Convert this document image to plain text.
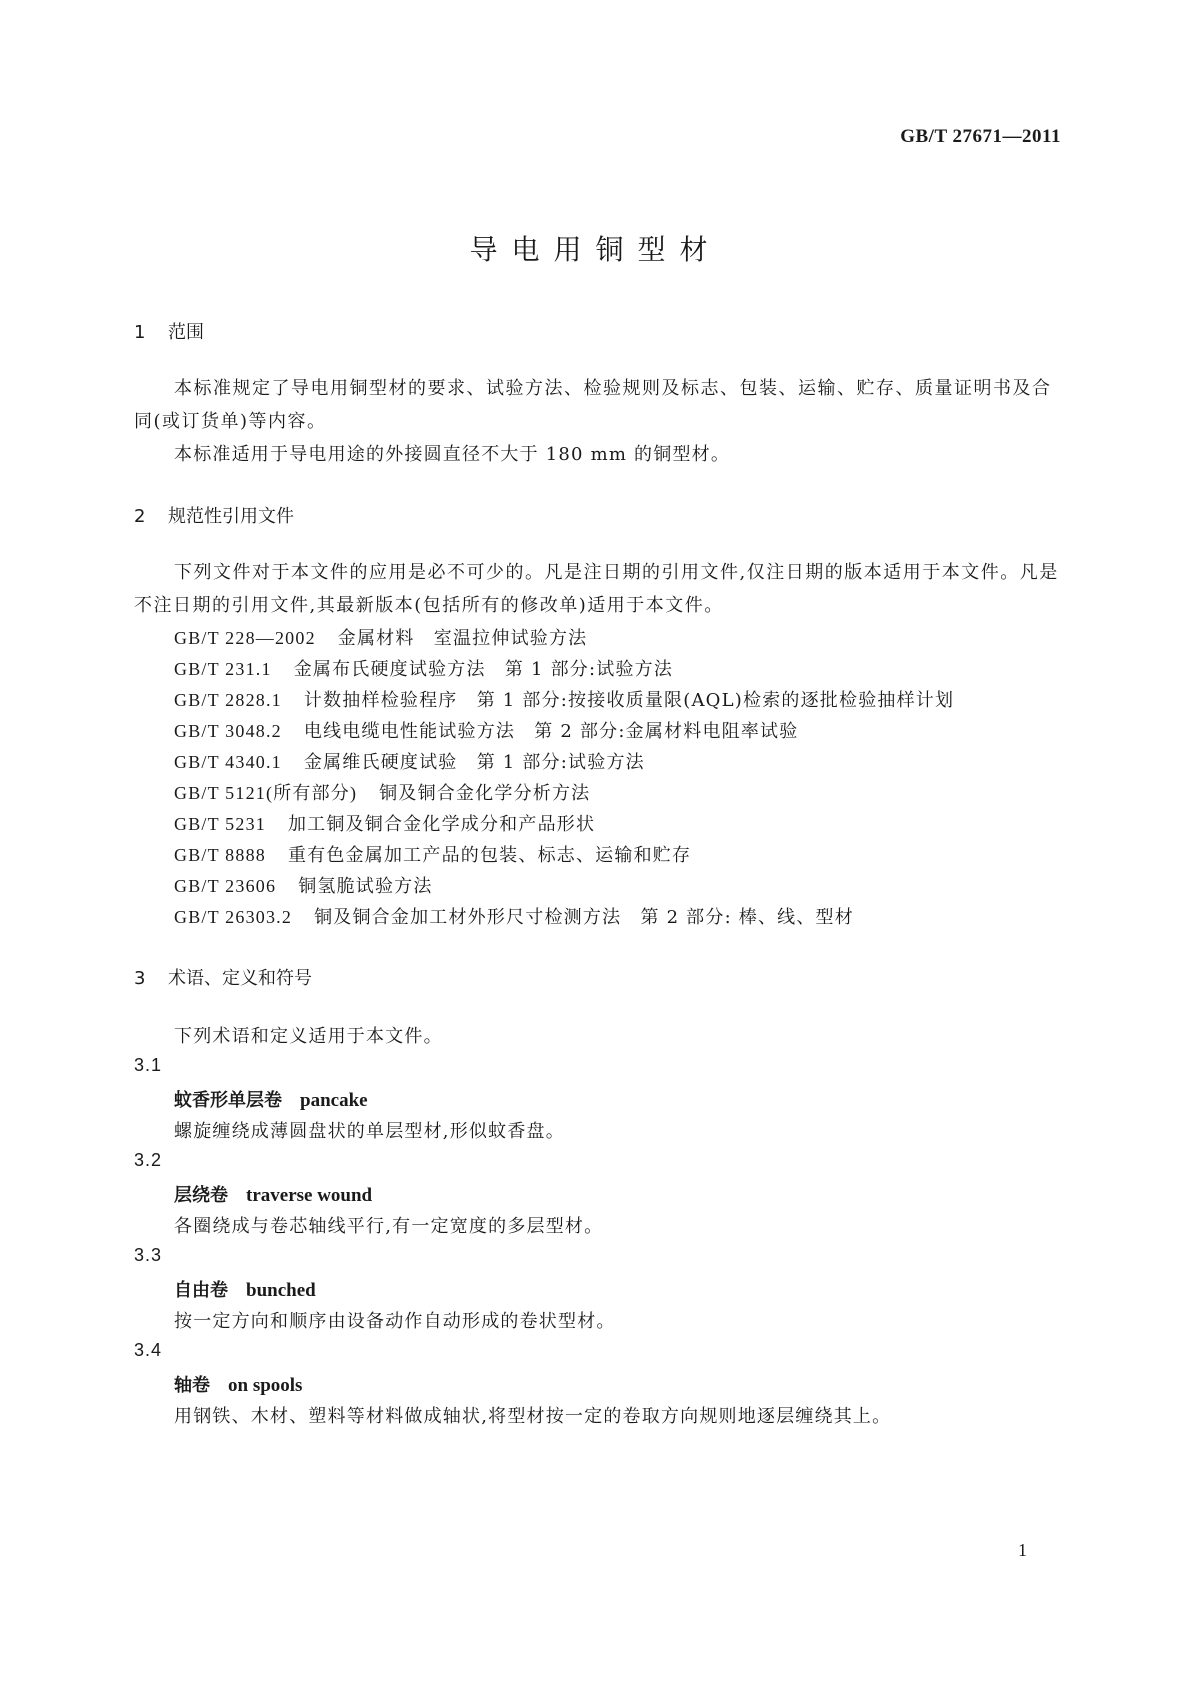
GB/T 27671—2011
导电用铜型材
1 范围
本标准规定了导电用铜型材的要求、试验方法、检验规则及标志、包装、运输、贮存、质量证明书及合同(或订货单)等内容。
本标准适用于导电用途的外接圆直径不大于 180 mm 的铜型材。
2 规范性引用文件
下列文件对于本文件的应用是必不可少的。凡是注日期的引用文件,仅注日期的版本适用于本文件。凡是不注日期的引用文件,其最新版本(包括所有的修改单)适用于本文件。
GB/T 228—2002 金属材料　室温拉伸试验方法
GB/T 231.1 金属布氏硬度试验方法　第 1 部分:试验方法
GB/T 2828.1 计数抽样检验程序　第 1 部分:按接收质量限(AQL)检索的逐批检验抽样计划
GB/T 3048.2 电线电缆电性能试验方法　第 2 部分:金属材料电阻率试验
GB/T 4340.1 金属维氏硬度试验　第 1 部分:试验方法
GB/T 5121(所有部分) 铜及铜合金化学分析方法
GB/T 5231 加工铜及铜合金化学成分和产品形状
GB/T 8888 重有色金属加工产品的包装、标志、运输和贮存
GB/T 23606 铜氢脆试验方法
GB/T 26303.2 铜及铜合金加工材外形尺寸检测方法　第 2 部分: 棒、线、型材
3 术语、定义和符号
下列术语和定义适用于本文件。
3.1
蚊香形单层卷 pancake
螺旋缠绕成薄圆盘状的单层型材,形似蚊香盘。
3.2
层绕卷 traverse wound
各圈绕成与卷芯轴线平行,有一定宽度的多层型材。
3.3
自由卷 bunched
按一定方向和顺序由设备动作自动形成的卷状型材。
3.4
轴卷 on spools
用钢铁、木材、塑料等材料做成轴状,将型材按一定的卷取方向规则地逐层缠绕其上。
1
